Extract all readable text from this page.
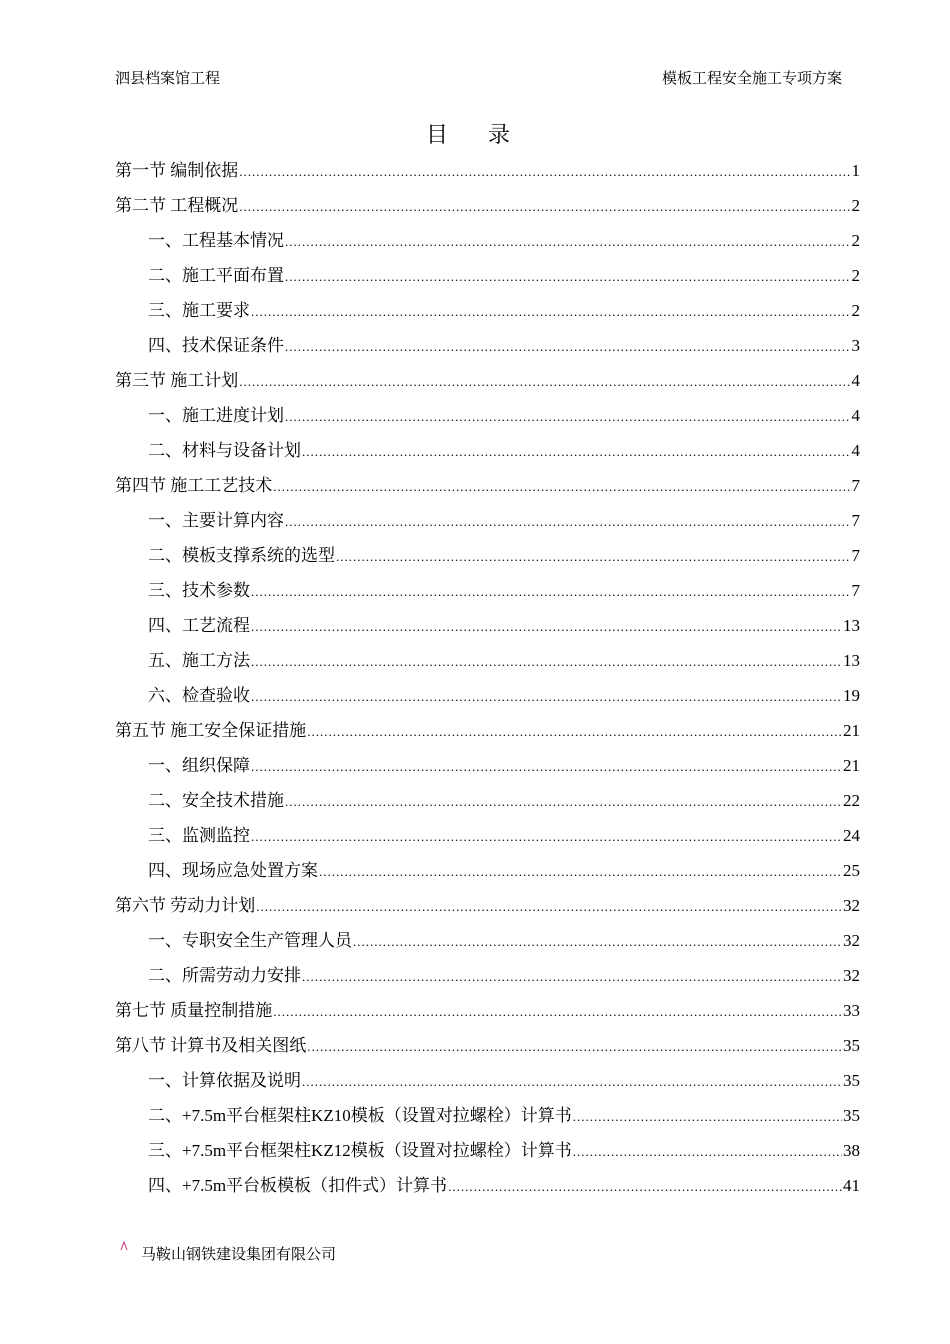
泗县档案馆工程	模板工程安全施工专项方案
目录
第一节 编制依据 .....	1
第二节 工程概况 .....	2
一、工程基本情况 .....	2
二、施工平面布置 .....	2
三、施工要求 .....	2
四、技术保证条件 .....	3
第三节 施工计划 .....	4
一、施工进度计划 .....	4
二、材料与设备计划 .....	4
第四节 施工工艺技术 .....	7
一、主要计算内容 .....	7
二、模板支撑系统的选型 .....	7
三、技术参数 .....	7
四、工艺流程 .....	13
五、施工方法 .....	13
六、检查验收 .....	19
第五节 施工安全保证措施 .....	21
一、组织保障 .....	21
二、安全技术措施 .....	22
三、监测监控 .....	24
四、现场应急处置方案 .....	25
第六节 劳动力计划 .....	32
一、专职安全生产管理人员 .....	32
二、所需劳动力安排 .....	32
第七节 质量控制措施 .....	33
第八节 计算书及相关图纸 .....	35
一、计算依据及说明 .....	35
二、+7.5m平台框架柱KZ10模板（设置对拉螺栓）计算书 .....	35
三、+7.5m平台框架柱KZ12模板（设置对拉螺栓）计算书 .....	38
四、+7.5m平台板模板（扣件式）计算书 .....	41
马鞍山钢铁建设集团有限公司
